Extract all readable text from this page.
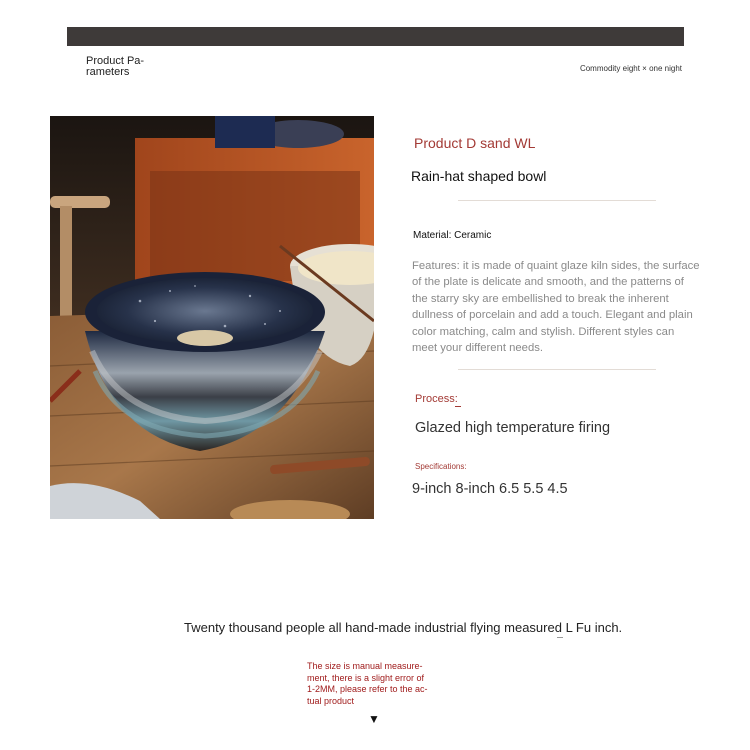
Product Pa-
rameters	Commodity eight × one night
Product D sand WL
Rain-hat shaped bowl
Material: Ceramic
Features: it is made of quaint glaze kiln sides, the surface of the plate is delicate and smooth, and the patterns of the starry sky are embellished to break the inherent dullness of porcelain and add a touch. Elegant and plain color matching, calm and stylish. Different styles can meet your different needs.
Process:
Glazed high temperature firing
Specifications:
9-inch 8-inch 6.5 5.5 4.5
Twenty thousand people all hand-made industrial flying measured L Fu inch.
The size is manual measure-
ment, there is a slight error of
1-2MM, please refer to the ac-
tual product
▼
